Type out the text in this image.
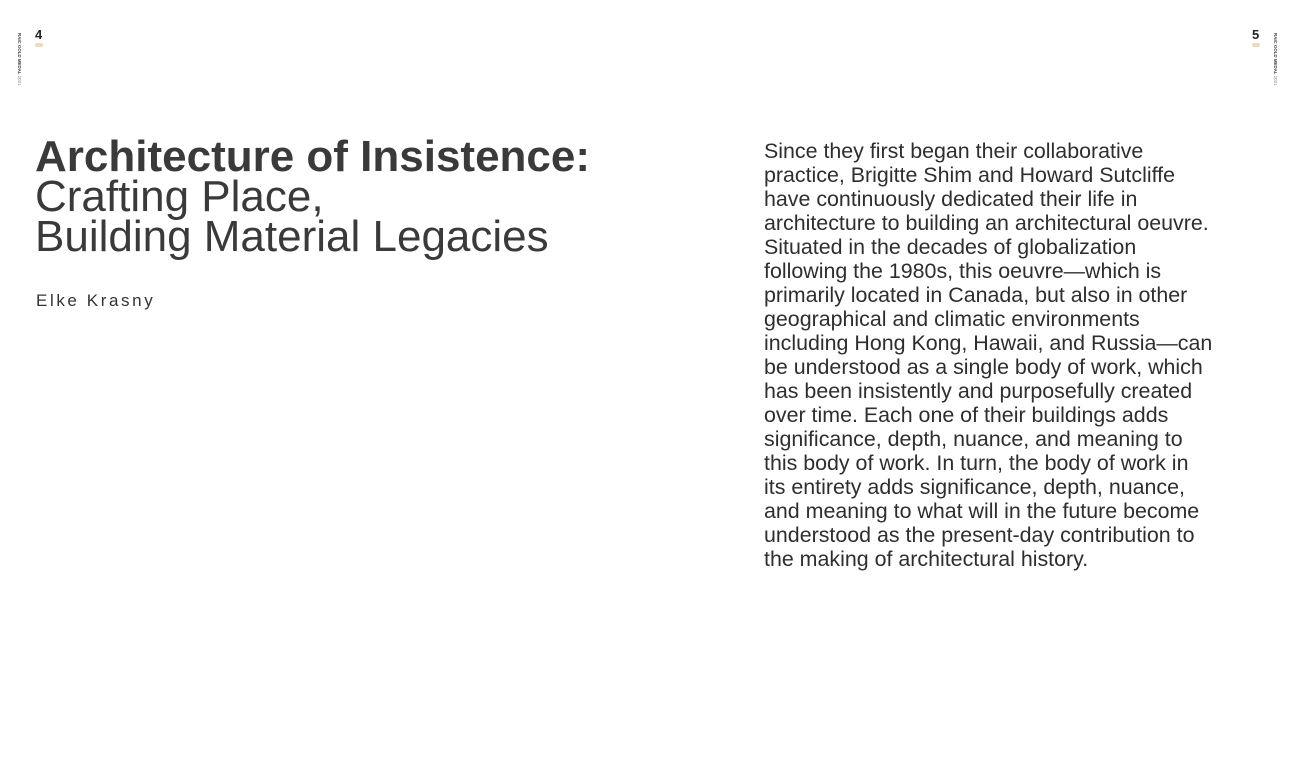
RAIC GOLD MEDAL 2021
4	RAIC GOLD MEDAL 2021
5
Architecture of Insistence:
Crafting Place,
Building Material Legacies
Elke Krasny

Since they first began their collaborative
practice, Brigitte Shim and Howard Sutcliffe
have continuously dedicated their life in
architecture to building an architectural oeuvre.
Situated in the decades of globalization
following the 1980s, this oeuvre—which is
primarily located in Canada, but also in other
geographical and climatic environments
including Hong Kong, Hawaii, and Russia—can
be understood as a single body of work, which
has been insistently and purposefully created
over time. Each one of their buildings adds
significance, depth, nuance, and meaning to
this body of work. In turn, the body of work in
its entirety adds significance, depth, nuance,
and meaning to what will in the future become
understood as the present-day contribution to
the making of architectural history.
